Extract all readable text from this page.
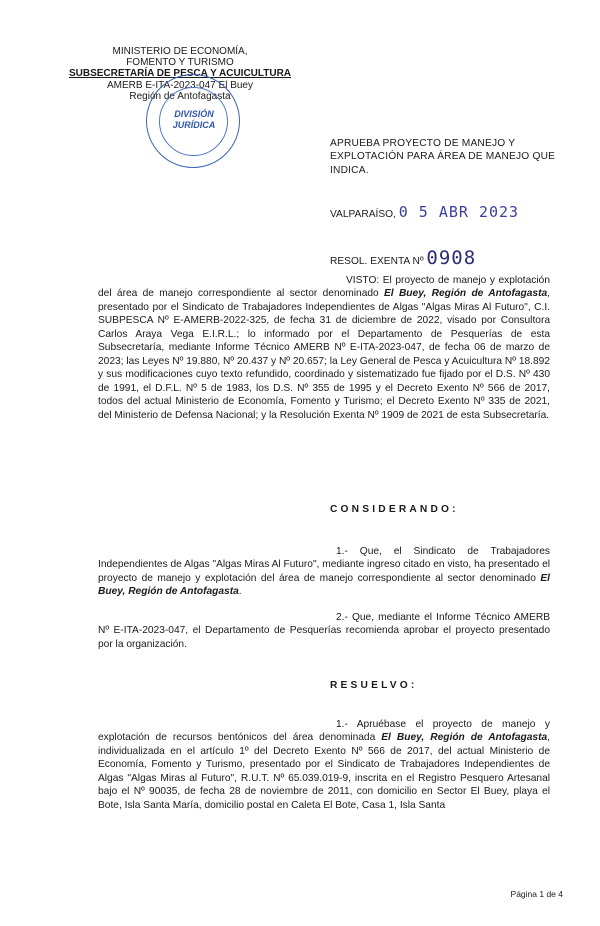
MINISTERIO DE ECONOMÍA,
FOMENTO Y TURISMO
SUBSECRETARÍA DE PESCA Y ACUICULTURA
AMERB E-ITA-2023-047 El Buey
Región de Antofagasta
DIVISIÓN
JURÍDICA
APRUEBA PROYECTO DE MANEJO Y EXPLOTACIÓN PARA ÁREA DE MANEJO QUE INDICA.
VALPARAÍSO, 0 5 ABR 2023
RESOL. EXENTA Nº 0908
VISTO: El proyecto de manejo y explotación del área de manejo correspondiente al sector denominado El Buey, Región de Antofagasta, presentado por el Sindicato de Trabajadores Independientes de Algas "Algas Miras Al Futuro", C.I. SUBPESCA Nº E-AMERB-2022-325, de fecha 31 de diciembre de 2022, visado por Consultora Carlos Araya Vega E.I.R.L.; lo informado por el Departamento de Pesquerías de esta Subsecretaría, mediante Informe Técnico AMERB Nº E-ITA-2023-047, de fecha 06 de marzo de 2023; las Leyes Nº 19.880, Nº 20.437 y Nº 20.657; la Ley General de Pesca y Acuicultura Nº 18.892 y sus modificaciones cuyo texto refundido, coordinado y sistematizado fue fijado por el D.S. Nº 430 de 1991, el D.F.L. Nº 5 de 1983, los D.S. Nº 355 de 1995 y el Decreto Exento Nº 566 de 2017, todos del actual Ministerio de Economía, Fomento y Turismo; el Decreto Exento Nº 335 de 2021, del Ministerio de Defensa Nacional; y la Resolución Exenta Nº 1909 de 2021 de esta Subsecretaría.
CONSIDERANDO:
1.- Que, el Sindicato de Trabajadores Independientes de Algas "Algas Miras Al Futuro", mediante ingreso citado en visto, ha presentado el proyecto de manejo y explotación del área de manejo correspondiente al sector denominado El Buey, Región de Antofagasta.
2.- Que, mediante el Informe Técnico AMERB Nº E-ITA-2023-047, el Departamento de Pesquerías recomienda aprobar el proyecto presentado por la organización.
RESUELVO:
1.- Apruébase el proyecto de manejo y explotación de recursos bentónicos del área denominada El Buey, Región de Antofagasta, individualizada en el artículo 1º del Decreto Exento Nº 566 de 2017, del actual Ministerio de Economía, Fomento y Turismo, presentado por el Sindicato de Trabajadores Independientes de Algas "Algas Miras al Futuro", R.U.T. Nº 65.039.019-9, inscrita en el Registro Pesquero Artesanal bajo el Nº 90035, de fecha 28 de noviembre de 2011, con domicilio en Sector El Buey, playa el Bote, Isla Santa María, domicilio postal en Caleta El Bote, Casa 1, Isla Santa
Página 1 de 4
